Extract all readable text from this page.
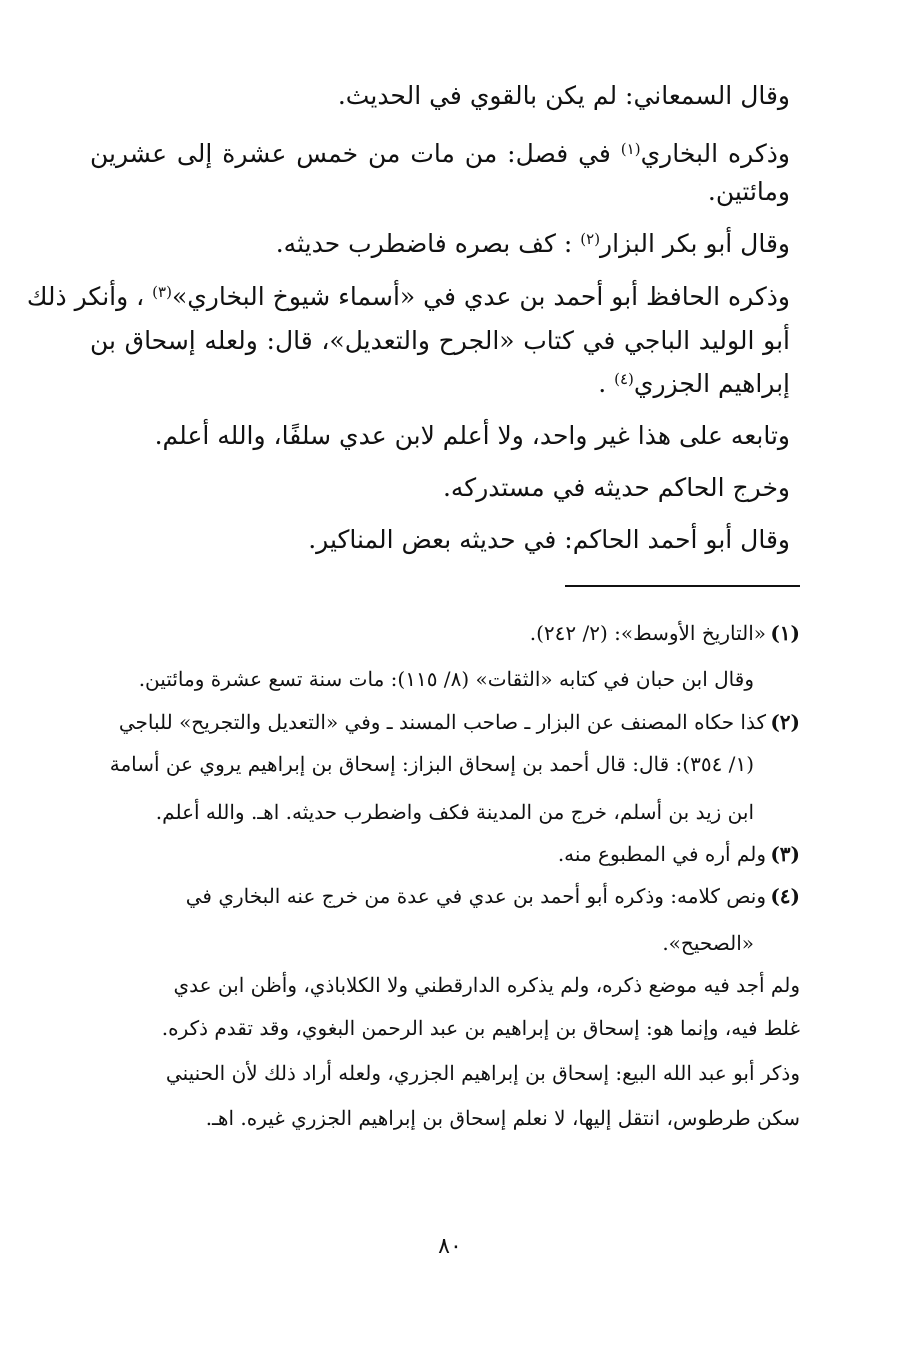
وقال السمعاني: لم يكن بالقوي في الحديث.
وذكره البخاري$^{(١)}$ في فصل: من مات من خمس عشرة إلى عشرين
ومائتين.
وقال أبو بكر البزار$^{(٢)}$ : كف بصره فاضطرب حديثه.
وذكره الحافظ أبو أحمد بن عدي في «أسماء شيوخ البخاري»$^{(٣)}$ ، وأنكر ذلك
أبو الوليد الباجي في كتاب «الجرح والتعديل»، قال: ولعله إسحاق بن
إبراهيم الجزري$^{(٤)}$ .
وتابعه على هذا غير واحد، ولا أعلم لابن عدي سلفًا، والله أعلم.
وخرج الحاكم حديثه في مستدركه.
وقال أبو أحمد الحاكم: في حديثه بعض المناكير.
(١)«التاريخ الأوسط»: (٢/ ٢٤٢).
وقال ابن حبان في كتابه «الثقات» (٨/ ١١٥): مات سنة تسع عشرة ومائتين.
(٢)كذا حكاه المصنف عن البزار ـ صاحب المسند ـ وفي «التعديل والتجريح» للباجي
(١/ ٣٥٤): قال: قال أحمد بن إسحاق البزاز: إسحاق بن إبراهيم يروي عن أسامة
ابن زيد بن أسلم، خرج من المدينة فكف واضطرب حديثه. اهـ. والله أعلم.
(٣)ولم أره في المطبوع منه.
(٤)ونص كلامه: وذكره أبو أحمد بن عدي في عدة من خرج عنه البخاري في
«الصحيح».
ولم أجد فيه موضع ذكره، ولم يذكره الدارقطني ولا الكلاباذي، وأظن ابن عدي
غلط فيه، وإنما هو: إسحاق بن إبراهيم بن عبد الرحمن البغوي، وقد تقدم ذكره.
وذكر أبو عبد الله البيع: إسحاق بن إبراهيم الجزري، ولعله أراد ذلك لأن الحنيني
سكن طرطوس، انتقل إليها، لا نعلم إسحاق بن إبراهيم الجزري غيره. اهـ.
٨٠
